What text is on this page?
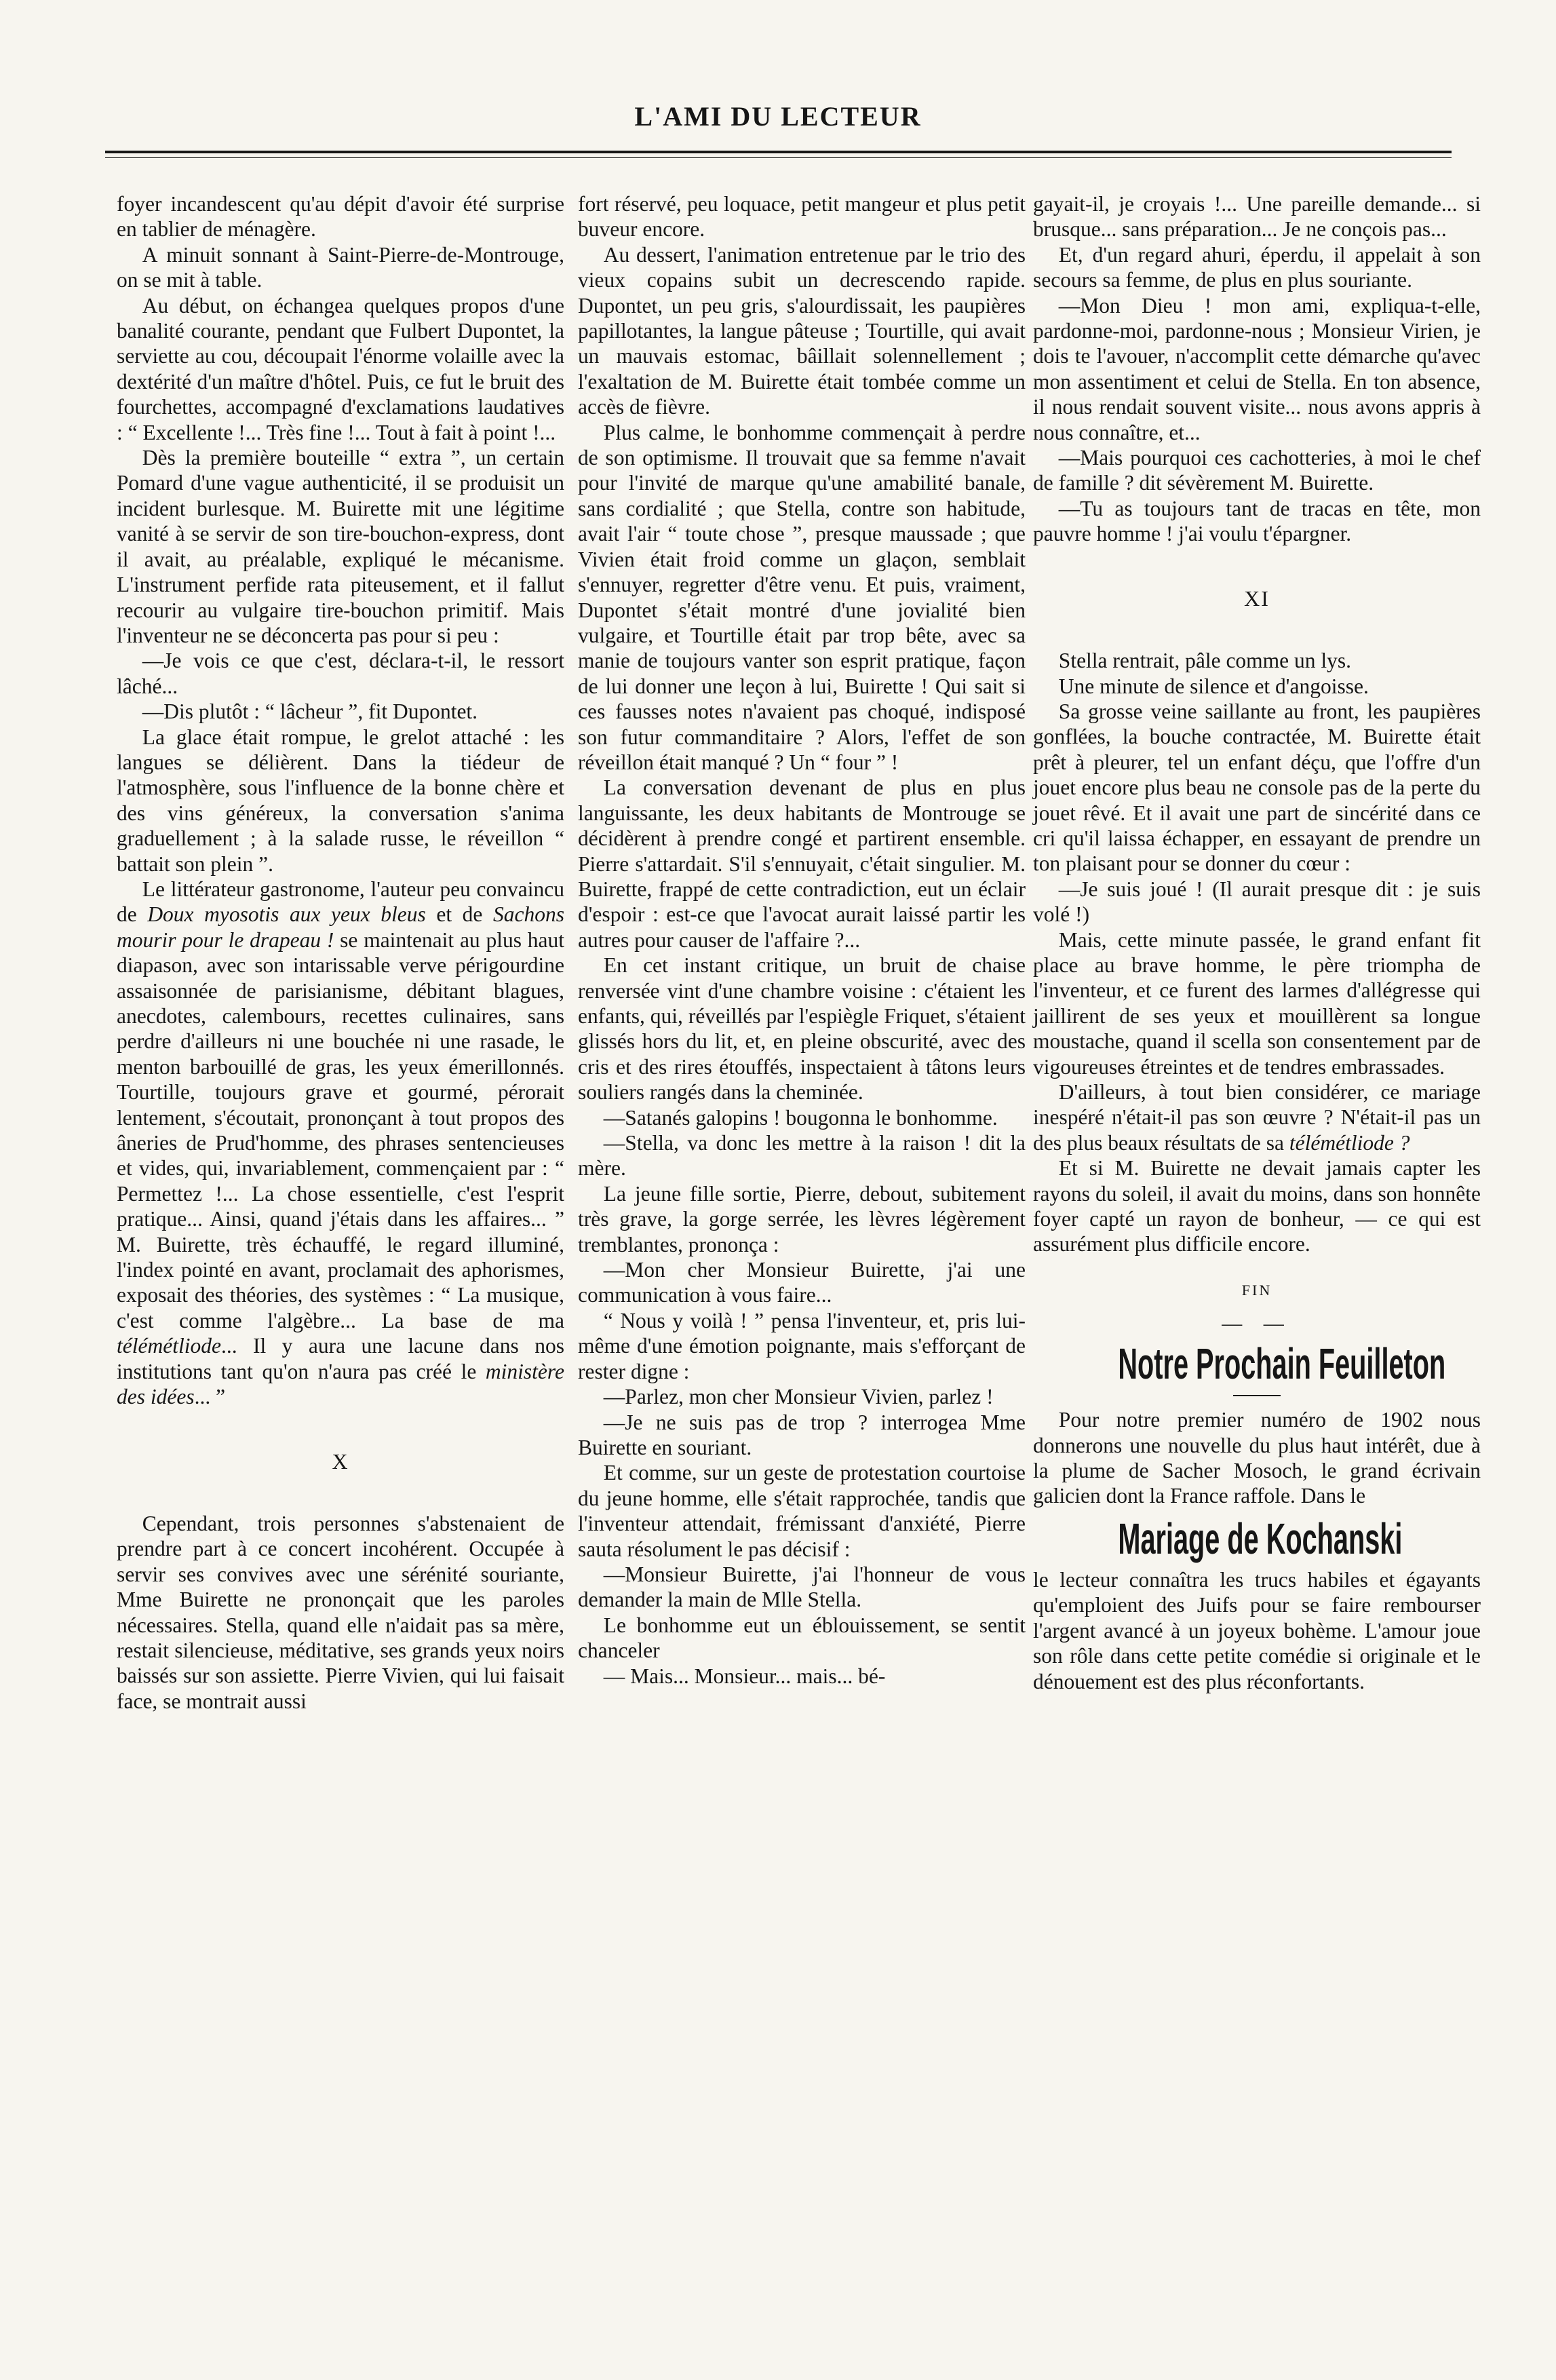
L'AMI DU LECTEUR

foyer incandescent qu'au dépit d'avoir été surprise en tablier de ménagère.

A minuit sonnant à Saint-Pierre-de-Montrouge, on se mit à table.

Au début, on échangea quelques propos d'une banalité courante, pendant que Fulbert Dupontet, la serviette au cou, découpait l'énorme volaille avec la dextérité d'un maître d'hôtel. Puis, ce fut le bruit des fourchettes, accompagné d'exclamations laudatives : “ Excellente !... Très fine !... Tout à fait à point !...

Dès la première bouteille “ extra ”, un certain Pomard d'une vague authenticité, il se produisit un incident burlesque. M. Buirette mit une légitime vanité à se servir de son tire-bouchon-express, dont il avait, au préalable, expliqué le mécanisme. L'instrument perfide rata piteusement, et il fallut recourir au vulgaire tire-bouchon primitif. Mais l'inventeur ne se déconcerta pas pour si peu :

—Je vois ce que c'est, déclara-t-il, le ressort lâché...

—Dis plutôt : “ lâcheur ”, fit Dupontet.

La glace était rompue, le grelot attaché : les langues se délièrent. Dans la tiédeur de l'atmosphère, sous l'influence de la bonne chère et des vins généreux, la conversation s'anima graduellement ; à la salade russe, le réveillon “ battait son plein ”.

Le littérateur gastronome, l'auteur peu convaincu de Doux myosotis aux yeux bleus et de Sachons mourir pour le drapeau ! se maintenait au plus haut diapason, avec son intarissable verve périgourdine assaisonnée de parisianisme, débitant blagues, anecdotes, calembours, recettes culinaires, sans perdre d'ailleurs ni une bouchée ni une rasade, le menton barbouillé de gras, les yeux émerillonnés. Tourtille, toujours grave et gourmé, pérorait lentement, s'écoutait, prononçant à tout propos des âneries de Prud'homme, des phrases sentencieuses et vides, qui, invariablement, commençaient par : “ Permettez !... La chose essentielle, c'est l'esprit pratique... Ainsi, quand j'étais dans les affaires... ” M. Buirette, très échauffé, le regard illuminé, l'index pointé en avant, proclamait des aphorismes, exposait des théories, des systèmes : “ La musique, c'est comme l'algèbre... La base de ma télémétliode... Il y aura une lacune dans nos institutions tant qu'on n'aura pas créé le ministère des idées... ”

X

Cependant, trois personnes s'abstenaient de prendre part à ce concert incohérent. Occupée à servir ses convives avec une sérénité souriante, Mme Buirette ne prononçait que les paroles nécessaires. Stella, quand elle n'aidait pas sa mère, restait silencieuse, méditative, ses grands yeux noirs baissés sur son assiette. Pierre Vivien, qui lui faisait face, se montrait aussi

fort réservé, peu loquace, petit mangeur et plus petit buveur encore.

Au dessert, l'animation entretenue par le trio des vieux copains subit un decrescendo rapide. Dupontet, un peu gris, s'alourdissait, les paupières papillotantes, la langue pâteuse ; Tourtille, qui avait un mauvais estomac, bâillait solennellement ; l'exaltation de M. Buirette était tombée comme un accès de fièvre.

Plus calme, le bonhomme commençait à perdre de son optimisme. Il trouvait que sa femme n'avait pour l'invité de marque qu'une amabilité banale, sans cordialité ; que Stella, contre son habitude, avait l'air “ toute chose ”, presque maussade ; que Vivien était froid comme un glaçon, semblait s'ennuyer, regretter d'être venu. Et puis, vraiment, Dupontet s'était montré d'une jovialité bien vulgaire, et Tourtille était par trop bête, avec sa manie de toujours vanter son esprit pratique, façon de lui donner une leçon à lui, Buirette ! Qui sait si ces fausses notes n'avaient pas choqué, indisposé son futur commanditaire ? Alors, l'effet de son réveillon était manqué ? Un “ four ” !

La conversation devenant de plus en plus languissante, les deux habitants de Montrouge se décidèrent à prendre congé et partirent ensemble. Pierre s'attardait. S'il s'ennuyait, c'était singulier. M. Buirette, frappé de cette contradiction, eut un éclair d'espoir : est-ce que l'avocat aurait laissé partir les autres pour causer de l'affaire ?...

En cet instant critique, un bruit de chaise renversée vint d'une chambre voisine : c'étaient les enfants, qui, réveillés par l'espiègle Friquet, s'étaient glissés hors du lit, et, en pleine obscurité, avec des cris et des rires étouffés, inspectaient à tâtons leurs souliers rangés dans la cheminée.

—Satanés galopins ! bougonna le bonhomme.

—Stella, va donc les mettre à la raison ! dit la mère.

La jeune fille sortie, Pierre, debout, subitement très grave, la gorge serrée, les lèvres légèrement tremblantes, prononça :

—Mon cher Monsieur Buirette, j'ai une communication à vous faire...

“ Nous y voilà ! ” pensa l'inventeur, et, pris lui-même d'une émotion poignante, mais s'efforçant de rester digne :

—Parlez, mon cher Monsieur Vivien, parlez !

—Je ne suis pas de trop ? interrogea Mme Buirette en souriant.

Et comme, sur un geste de protestation courtoise du jeune homme, elle s'était rapprochée, tandis que l'inventeur attendait, frémissant d'anxiété, Pierre sauta résolument le pas décisif :

—Monsieur Buirette, j'ai l'honneur de vous demander la main de Mlle Stella.

Le bonhomme eut un éblouissement, se sentit chanceler

— Mais... Monsieur... mais... bé-

gayait-il, je croyais !... Une pareille demande... si brusque... sans préparation... Je ne conçois pas...

Et, d'un regard ahuri, éperdu, il appelait à son secours sa femme, de plus en plus souriante.

—Mon Dieu ! mon ami, expliqua-t-elle, pardonne-moi, pardonne-nous ; Monsieur Virien, je dois te l'avouer, n'accomplit cette démarche qu'avec mon assentiment et celui de Stella. En ton absence, il nous rendait souvent visite... nous avons appris à nous connaître, et...

—Mais pourquoi ces cachotteries, à moi le chef de famille ? dit sévèrement M. Buirette.

—Tu as toujours tant de tracas en tête, mon pauvre homme ! j'ai voulu t'épargner.

XI

Stella rentrait, pâle comme un lys.

Une minute de silence et d'angoisse.

Sa grosse veine saillante au front, les paupières gonflées, la bouche contractée, M. Buirette était prêt à pleurer, tel un enfant déçu, que l'offre d'un jouet encore plus beau ne console pas de la perte du jouet rêvé. Et il avait une part de sincérité dans ce cri qu'il laissa échapper, en essayant de prendre un ton plaisant pour se donner du cœur :

—Je suis joué ! (Il aurait presque dit : je suis volé !)

Mais, cette minute passée, le grand enfant fit place au brave homme, le père triompha de l'inventeur, et ce furent des larmes d'allégresse qui jaillirent de ses yeux et mouillèrent sa longue moustache, quand il scella son consentement par de vigoureuses étreintes et de tendres embrassades.

D'ailleurs, à tout bien considérer, ce mariage inespéré n'était-il pas son œuvre ? N'était-il pas un des plus beaux résultats de sa télémétliode ?

Et si M. Buirette ne devait jamais capter les rayons du soleil, il avait du moins, dans son honnête foyer capté un rayon de bonheur, — ce qui est assurément plus difficile encore.

FIN
— —
Notre Prochain Feuilleton

Pour notre premier numéro de 1902 nous donnerons une nouvelle du plus haut intérêt, due à la plume de Sacher Mosoch, le grand écrivain galicien dont la France raffole. Dans le

Mariage de Kochanski

le lecteur connaîtra les trucs habiles et égayants qu'emploient des Juifs pour se faire rembourser l'argent avancé à un joyeux bohème. L'amour joue son rôle dans cette petite comédie si originale et le dénouement est des plus réconfortants.
